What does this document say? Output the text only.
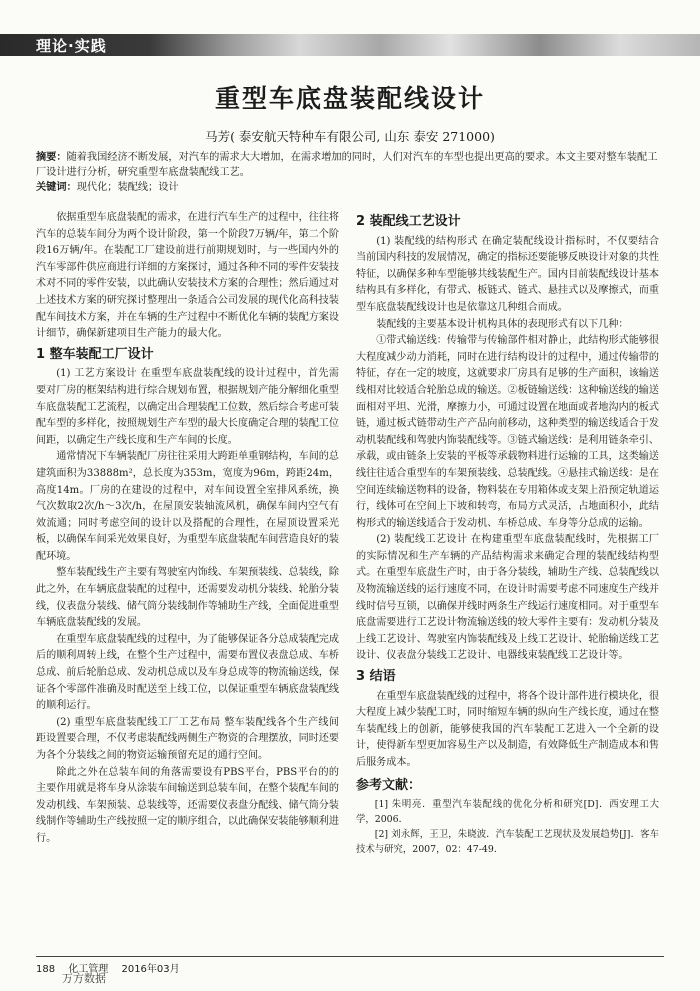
理论·实践
重型车底盘装配线设计
马芳( 泰安航天特种车有限公司, 山东 泰安 271000)
摘要：随着我国经济不断发展，对汽车的需求大大增加，在需求增加的同时，人们对汽车的车型也提出更高的要求。本文主要对整车装配工厂设计进行分析，研究重型车底盘装配线工艺。
关键词：现代化；装配线；设计

依据重型车底盘装配的需求，在进行汽车生产的过程中，往往将汽车的总装车间分为两个设计阶段，第一个阶段7万辆/年，第二个阶段16万辆/年。在装配工厂建设前进行前期规划时，与一些国内外的汽车零部件供应商进行详细的方案探讨，通过各种不同的零件安装技术对不同的零件安装，以此确认安装技术方案的合理性；然后通过对上述技术方案的研究探讨整理出一条适合公司发展的现代化高科技装配车间技术方案，并在车辆的生产过程中不断优化车辆的装配方案设计细节，确保新建项目生产能力的最大化。

1 整车装配工厂设计

(1) 工艺方案设计 在重型车底盘装配线的设计过程中，首先需要对厂房的框架结构进行综合规划布置，根据规划产能分解细化重型车底盘装配工艺流程，以确定出合理装配工位数，然后综合考虑可装配车型的多样化，按照规划生产车型的最大长度确定合理的装配工位间距，以确定生产线长度和生产车间的长度。

通常情况下车辆装配厂房往往采用大跨距单重钢结构，车间的总建筑面积为33888m²，总长度为353m，宽度为96m，跨距24m，高度14m。厂房的在建设的过程中，对车间设置全室排风系统，换气次数取2次/h～3次/h，在屋顶安装轴流风机，确保车间内空气有效流通；同时考虑空间的设计以及搭配的合理性，在屋顶设置采光板，以确保车间采光效果良好，为重型车底盘装配车间营造良好的装配环境。

整车装配线生产主要有驾驶室内饰线、车架预装线、总装线，除此之外，在车辆底盘装配的过程中，还需要发动机分装线、轮胎分装线，仪表盘分装线、储气筒分装线制作等辅助生产线，全面促进重型车辆底盘装配线的发展。

在重型车底盘装配线的过程中，为了能够保证各分总成装配完成后的顺利周转上线，在整个生产过程中，需要布置仪表盘总成、车桥总成、前后轮胎总成、发动机总成以及车身总成等的物流输送线，保证各个零部件准确及时配送至上线工位，以保证重型车辆底盘装配线的顺利运行。

(2) 重型车底盘装配线工厂工艺布局 整车装配线各个生产线间距设置要合理，不仅考虑装配线两侧生产物资的合理摆放，同时还要为各个分装线之间的物资运输预留充足的通行空间。

除此之外在总装车间的角落需要设有PBS平台，PBS平台的的主要作用就是将车身从涂装车间输送到总装车间，在整个装配车间的发动机线、车架预装、总装线等，还需要仪表盘分配线、储气筒分装线制作等辅助生产线按照一定的顺序组合，以此确保安装能够顺利进行。

2 装配线工艺设计

(1) 装配线的结构形式 在确定装配线设计指标时，不仅要结合当前国内科技的发展情况，确定的指标还要能够反映设计对象的共性特征，以确保多种车型能够共线装配生产。国内目前装配线设计基本结构具有多样化，有带式、板链式、链式、悬挂式以及摩擦式，而重型车底盘装配线设计也是依靠这几种组合而成。

装配线的主要基本设计机构具体的表现形式有以下几种：

①带式输送线：传输带与传输部件相对静止，此结构形式能够很大程度减少动力消耗，同时在进行结构设计的过程中，通过传输带的特征，存在一定的坡度，这就要求厂房具有足够的生产面积，该输送线相对比较适合轮胎总成的输送。②板链输送线：这种输送线的输送面相对平坦、光滑，摩擦力小，可通过设置在地面或者地沟内的板式链，通过板式链带动生产产品向前移动，这种类型的输送线适合于发动机装配线和驾驶内饰装配线等。③链式输送线：是利用链条牵引、承载，或由链条上安装的平板等承载物料进行运输的工具，这类输送线往往适合重型车的车架预装线、总装配线。④悬挂式输送线：是在空间连续输送物料的设备，物料装在专用箱体或支架上沿预定轨道运行，线体可在空间上下坡和转弯，布局方式灵活，占地面积小，此结构形式的输送线适合于发动机、车桥总成、车身等分总成的运输。

(2) 装配线工艺设计 在构建重型车底盘装配线时，先根据工厂的实际情况和生产车辆的产品结构需求来确定合理的装配线结构型式。在重型车底盘生产时，由于各分装线，辅助生产线、总装配线以及物流输送线的运行速度不同，在设计时需要考虑不同速度生产线并线时信号互锁，以确保并线时两条生产线运行速度相同。对于重型车底盘需要进行工艺设计物流输送线的较大零件主要有：发动机分装及上线工艺设计、驾驶室内饰装配线及上线工艺设计、轮胎输送线工艺设计、仪表盘分装线工艺设计、电器线束装配线工艺设计等。

3 结语

在重型车底盘装配线的过程中，将各个设计部件进行模块化，很大程度上减少装配工时，同时缩短车辆的纵向生产线长度，通过在整车装配线上的创新，能够使我国的汽车装配工艺进入一个全新的设计，使得新车型更加容易生产以及制造，有效降低生产制造成本和售后服务成本。

参考文献：
[1] 朱明亮．重型汽车装配线的优化分析和研究[D]．西安理工大学，2006．
[2] 刘永辉，王卫，朱晓波．汽车装配工艺现状及发展趋势[J]．客车技术与研究，2007，02：47-49．
188 化工管理 2016年03月
万方数据
